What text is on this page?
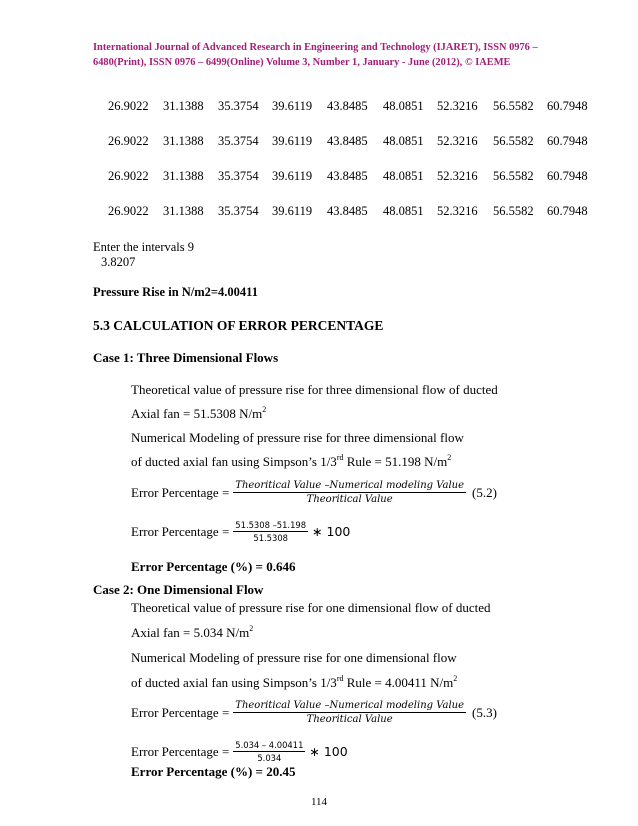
International Journal of Advanced Research in Engineering and Technology (IJARET), ISSN 0976 –
6480(Print), ISSN 0976 – 6499(Online) Volume 3, Number 1, January - June (2012), © IAEME
26.9022 31.1388 35.3754 39.6119 43.8485 48.0851 52.3216 56.5582 60.7948
26.9022 31.1388 35.3754 39.6119 43.8485 48.0851 52.3216 56.5582 60.7948
26.9022 31.1388 35.3754 39.6119 43.8485 48.0851 52.3216 56.5582 60.7948
26.9022 31.1388 35.3754 39.6119 43.8485 48.0851 52.3216 56.5582 60.7948
Enter the intervals 9
3.8207
Pressure Rise in N/m2=4.00411
5.3 CALCULATION OF ERROR PERCENTAGE
Case 1: Three Dimensional Flows
Theoretical value of pressure rise for three dimensional flow of ducted
Axial fan = 51.5308 $N/m^2$
Numerical Modeling of pressure rise for three dimensional flow
of ducted axial fan using Simpson’s 1/3rd Rule = 51.198 $N/m^2$
Error Percentage = $\frac{\text{Theoritical Value –Numerical modeling Value}}{\text{Theoritical Value}} (5.2)$
Error Percentage = $\frac{51.5308 -51.198}{51.5308}$ ∗ 100
Error Percentage (%) = 0.646
Case 2: One Dimensional Flow
Theoretical value of pressure rise for one dimensional flow of ducted
Axial fan = 5.034 $N/m^2$
Numerical Modeling of pressure rise for one dimensional flow
of ducted axial fan using Simpson’s 1/3rd Rule = 4.00411 $N/m^2$
Error Percentage = $\frac{\text{Theoritical Value –Numerical modeling Value}}{\text{Theoritical Value}} (5.3)$
Error Percentage = $\frac{5.034 - 4.00411}{5.034}$ ∗ 100
Error Percentage (%) = 20.45
114
